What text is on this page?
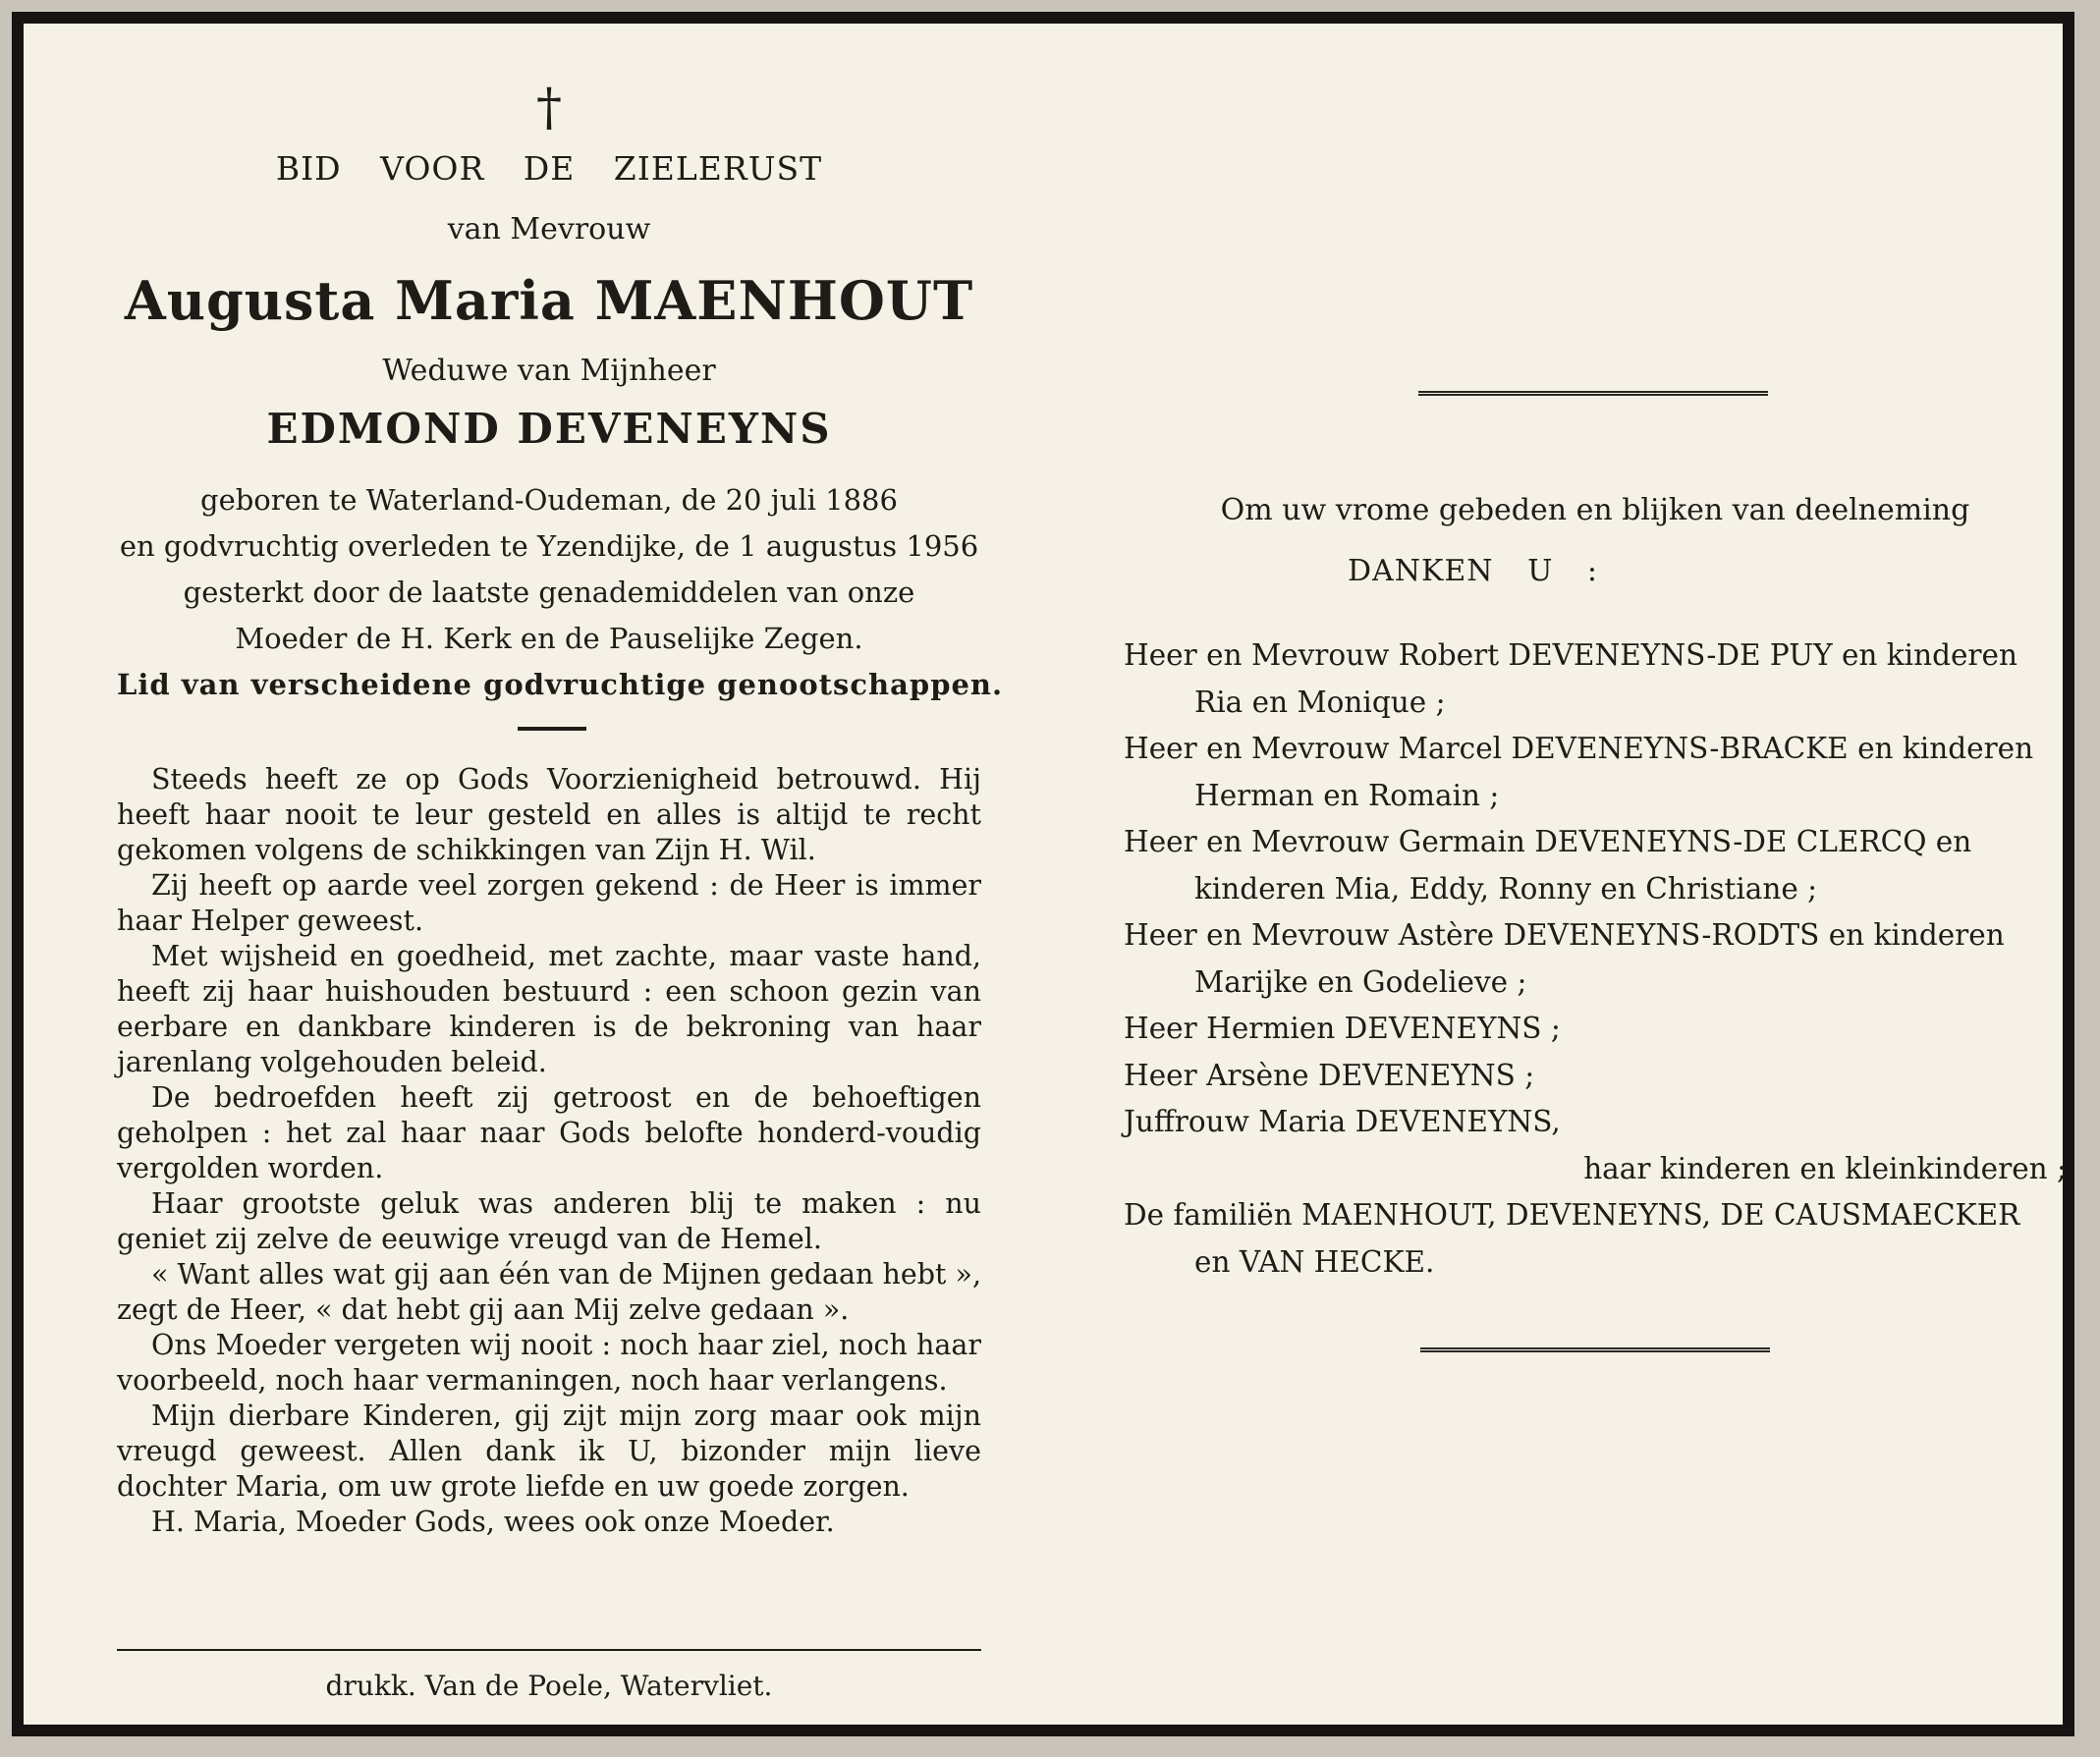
†
BID VOOR DE ZIELERUST
van Mevrouw
Augusta Maria MAENHOUT
Weduwe van Mijnheer
EDMOND DEVENEYNS
geboren te Waterland-Oudeman, de 20 juli 1886
en godvruchtig overleden te Yzendijke, de 1 augustus 1956
gesterkt door de laatste genademiddelen van onze
Moeder de H. Kerk en de Pauselijke Zegen.
Lid van verscheidene godvruchtige genootschappen.

Steeds heeft ze op Gods Voorzienigheid betrouwd. Hij heeft haar nooit te leur gesteld en alles is altijd te recht gekomen volgens de schikkingen van Zijn H. Wil.

Zij heeft op aarde veel zorgen gekend : de Heer is immer haar Helper geweest.

Met wijsheid en goedheid, met zachte, maar vaste hand, heeft zij haar huishouden bestuurd : een schoon gezin van eerbare en dankbare kinderen is de bekroning van haar jarenlang volgehouden beleid.

De bedroefden heeft zij getroost en de behoeftigen geholpen : het zal haar naar Gods belofte honderd-voudig vergolden worden.

Haar grootste geluk was anderen blij te maken : nu geniet zij zelve de eeuwige vreugd van de Hemel.

« Want alles wat gij aan één van de Mijnen gedaan hebt », zegt de Heer, « dat hebt gij aan Mij zelve gedaan ».

Ons Moeder vergeten wij nooit : noch haar ziel, noch haar voorbeeld, noch haar vermaningen, noch haar verlangens.

Mijn dierbare Kinderen, gij zijt mijn zorg maar ook mijn vreugd geweest. Allen dank ik U, bizonder mijn lieve dochter Maria, om uw grote liefde en uw goede zorgen.

H. Maria, Moeder Gods, wees ook onze Moeder.

drukk. Van de Poele, Watervliet.
Om uw vrome gebeden en blijken van deelneming
DANKEN U :
Heer en Mevrouw Robert DEVENEYNS-DE PUY en kinderen
Ria en Monique ;
Heer en Mevrouw Marcel DEVENEYNS-BRACKE en kinderen
Herman en Romain ;
Heer en Mevrouw Germain DEVENEYNS-DE CLERCQ en
kinderen Mia, Eddy, Ronny en Christiane ;
Heer en Mevrouw Astère DEVENEYNS-RODTS en kinderen
Marijke en Godelieve ;
Heer Hermien DEVENEYNS ;
Heer Arsène DEVENEYNS ;
Juffrouw Maria DEVENEYNS,
haar kinderen en kleinkinderen ;
De familiën MAENHOUT, DEVENEYNS, DE CAUSMAECKER
en VAN HECKE.
